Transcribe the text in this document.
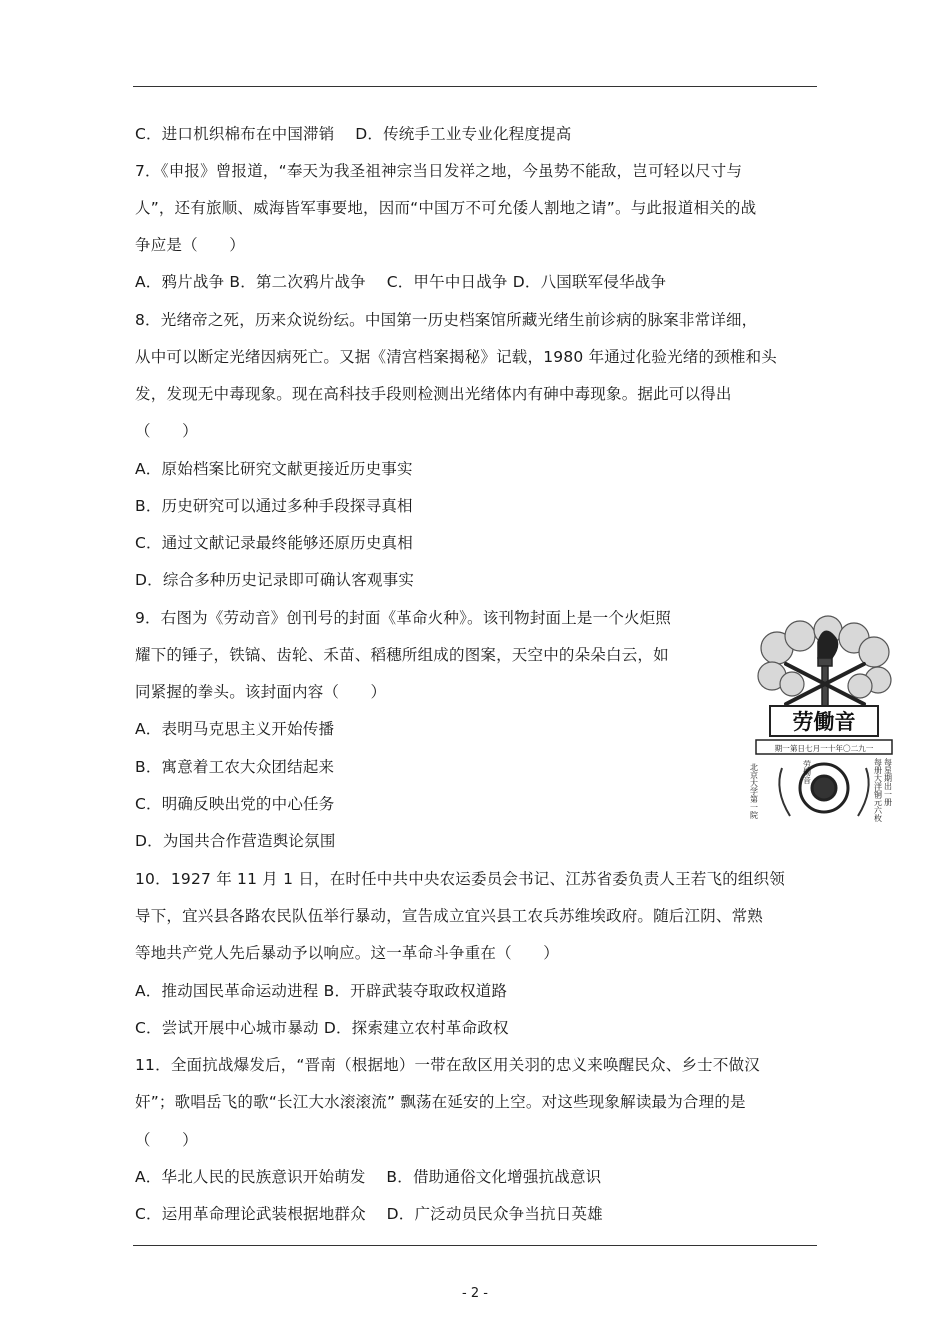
C．进口机织棉布在中国滞销　 D．传统手工业专业化程度提高
7．《申报》曾报道，“奉天为我圣祖神宗当日发祥之地，今虽势不能敌，岂可轻以尺寸与
人”，还有旅顺、威海皆军事要地，因而“中国万不可允倭人割地之请”。与此报道相关的战
争应是（　　）
A．鸦片战争 B．第二次鸦片战争　 C．甲午中日战争 D．八国联军侵华战争
8．光绪帝之死，历来众说纷纭。中国第一历史档案馆所藏光绪生前诊病的脉案非常详细，
从中可以断定光绪因病死亡。又据《清宫档案揭秘》记载，1980 年通过化验光绪的颈椎和头
发，发现无中毒现象。现在高科技手段则检测出光绪体内有砷中毒现象。据此可以得出
（　　）
A．原始档案比研究文献更接近历史事实
B．历史研究可以通过多种手段探寻真相
C．通过文献记录最终能够还原历史真相
D．综合多种历史记录即可确认客观事实
9．右图为《劳动音》创刊号的封面《革命火种》。该刊物封面上是一个火炬照
耀下的锤子，铁镐、齿轮、禾苗、稻穗所组成的图案，天空中的朵朵白云，如
同紧握的拳头。该封面内容（　　）
A．表明马克思主义开始传播
B．寓意着工农大众团结起来
C．明确反映出党的中心任务
D．为国共合作营造舆论氛围
10．1927 年 11 月 1 日，在时任中共中央农运委员会书记、江苏省委负责人王若飞的组织领
导下，宜兴县各路农民队伍举行暴动，宣告成立宜兴县工农兵苏维埃政府。随后江阴、常熟
等地共产党人先后暴动予以响应。这一革命斗争重在（　　）
A．推动国民革命运动进程 B．开辟武装夺取政权道路
C．尝试开展中心城市暴动 D．探索建立农村革命政权
11．全面抗战爆发后，“晋南（根据地）一带在敌区用关羽的忠义来唤醒民众、乡士不做汉
奸”；歌唱岳飞的歌“长江大水滚滚流” 飘荡在延安的上空。对这些现象解读最为合理的是
（　　）
A．华北人民的民族意识开始萌发　 B．借助通俗文化增强抗战意识
C．运用革命理论武装根据地群众　 D．广泛动员民众争当抗日英雄
劳働音
期一第日七月一十年〇二九一
北京大学第一院	劳働音	每册大洋铜元六枚 每星期出一册
- 2 -
